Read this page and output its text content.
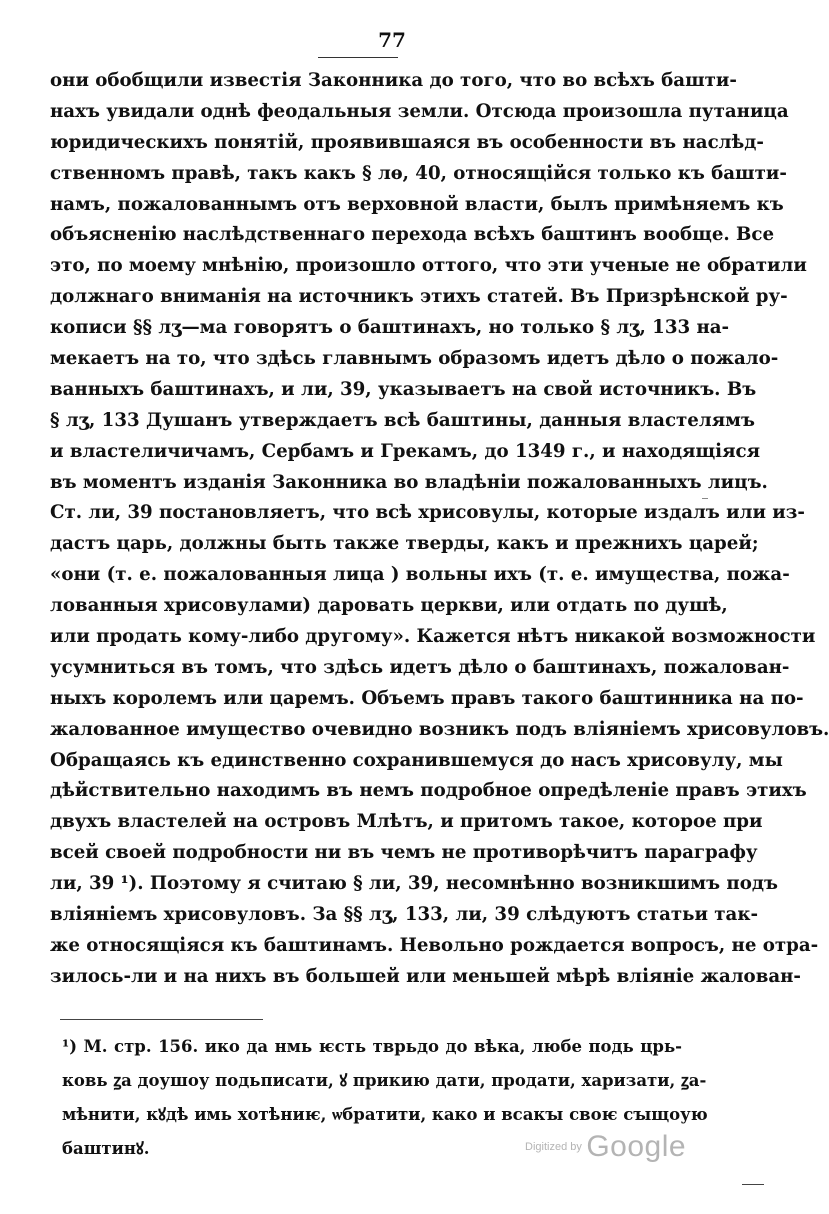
77
они обобщили известія Законника до того, что во всѣхъ башти-
нахъ увидали однѣ феодальныя земли. Отсюда произошла путаница
юридическихъ понятій, проявившаяся въ особенности въ наслѣд-
ственномъ правѣ, такъ какъ § лѳ, 40, относящійся только къ башти-
намъ, пожалованнымъ отъ верховной власти, былъ примѣняемъ къ
объясненію наслѣдственнаго перехода всѣхъ баштинъ вообще. Все
это, по моему мнѣнію, произошло оттого, что эти ученые не обратили
должнаго вниманія на источникъ этихъ статей. Въ Призрѣнской ру-
кописи §§ лӡ—ма говорятъ о баштинахъ, но только § лӡ, 133 на-
мекаетъ на то, что здѣсь главнымъ образомъ идетъ дѣло о пожало-
ванныхъ баштинахъ, и ли, 39, указываетъ на свой источникъ. Въ
§ лӡ, 133 Душанъ утверждаетъ всѣ баштины, данныя властелямъ
и властеличичамъ, Сербамъ и Грекамъ, до 1349 г., и находящіяся
въ моментъ изданія Законника во владѣніи пожалованныхъ лицъ.
Ст. ли, 39 постановляетъ, что всѣ хрисовулы, которые издалъ или из-
дастъ царь, должны быть также тверды, какъ и прежнихъ царей;
«они (т. е. пожалованныя лица ) вольны ихъ (т. е. имущества, пожа-
лованныя хрисовулами) даровать церкви, или отдать по душѣ,
или продать кому-либо другому». Кажется нѣтъ никакой возможности
усумниться въ томъ, что здѣсь идетъ дѣло о баштинахъ, пожалован-
ныхъ королемъ или царемъ. Объемъ правъ такого баштинника на по-
жалованное имущество очевидно возникъ подъ вліяніемъ хрисовуловъ.
Обращаясь къ единственно сохранившемуся до насъ хрисовулу, мы
дѣйствительно находимъ въ немъ подробное опредѣленіе правъ этихъ
двухъ властелей на островъ Млѣтъ, и притомъ такое, которое при
всей своей подробности ни въ чемъ не противорѣчитъ параграфу
ли, 39 ¹). Поэтому я считаю § ли, 39, несомнѣнно возникшимъ подъ
вліяніемъ хрисовуловъ. За §§ лӡ, 133, ли, 39 слѣдуютъ статьи так-
же относящіяся къ баштинамъ. Невольно рождается вопросъ, не отра-
зилось-ли и на нихъ въ большей или меньшей мѣрѣ вліяніе жалован-
¹) М. стр. 156. ико да нмь ѥсть тврьдо до вѣка, любе подь црь-
ковь ꙁа доушоу подьписати, ꙋ прикию дати, продати, харизати, ꙁа-
мѣнити, кꙋдѣ имь хотѣниѥ, ѡбратити, како и всакꙑ своѥ сꙑщоую
баштинꙋ.	Digitized by Google
